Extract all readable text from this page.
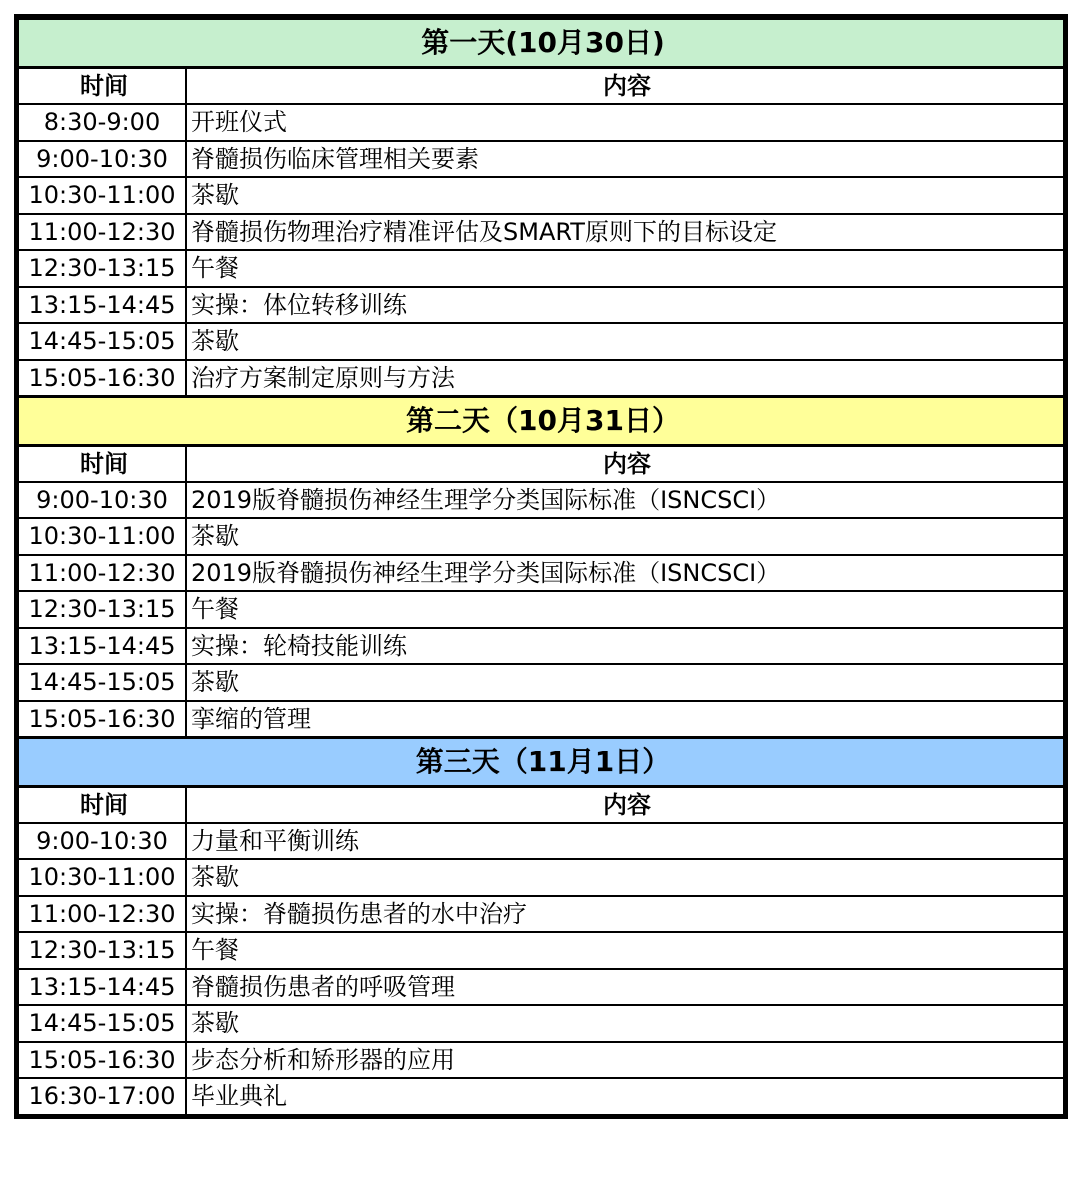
第一天(10月30日)	
时间	内容
8:30-9:00	开班仪式
9:00-10:30	脊髓损伤临床管理相关要素
10:30-11:00	茶歇
11:00-12:30	脊髓损伤物理治疗精准评估及SMART原则下的目标设定
12:30-13:15	午餐
13:15-14:45	实操：体位转移训练
14:45-15:05	茶歇
15:05-16:30	治疗方案制定原则与方法
第二天（10月31日）	
时间	内容
9:00-10:30	2019版脊髓损伤神经生理学分类国际标准（ISNCSCI）
10:30-11:00	茶歇
11:00-12:30	2019版脊髓损伤神经生理学分类国际标准（ISNCSCI）
12:30-13:15	午餐
13:15-14:45	实操：轮椅技能训练
14:45-15:05	茶歇
15:05-16:30	挛缩的管理
第三天（11月1日）	
时间	内容
9:00-10:30	力量和平衡训练
10:30-11:00	茶歇
11:00-12:30	实操：脊髓损伤患者的水中治疗
12:30-13:15	午餐
13:15-14:45	脊髓损伤患者的呼吸管理
14:45-15:05	茶歇
15:05-16:30	步态分析和矫形器的应用
16:30-17:00	毕业典礼
